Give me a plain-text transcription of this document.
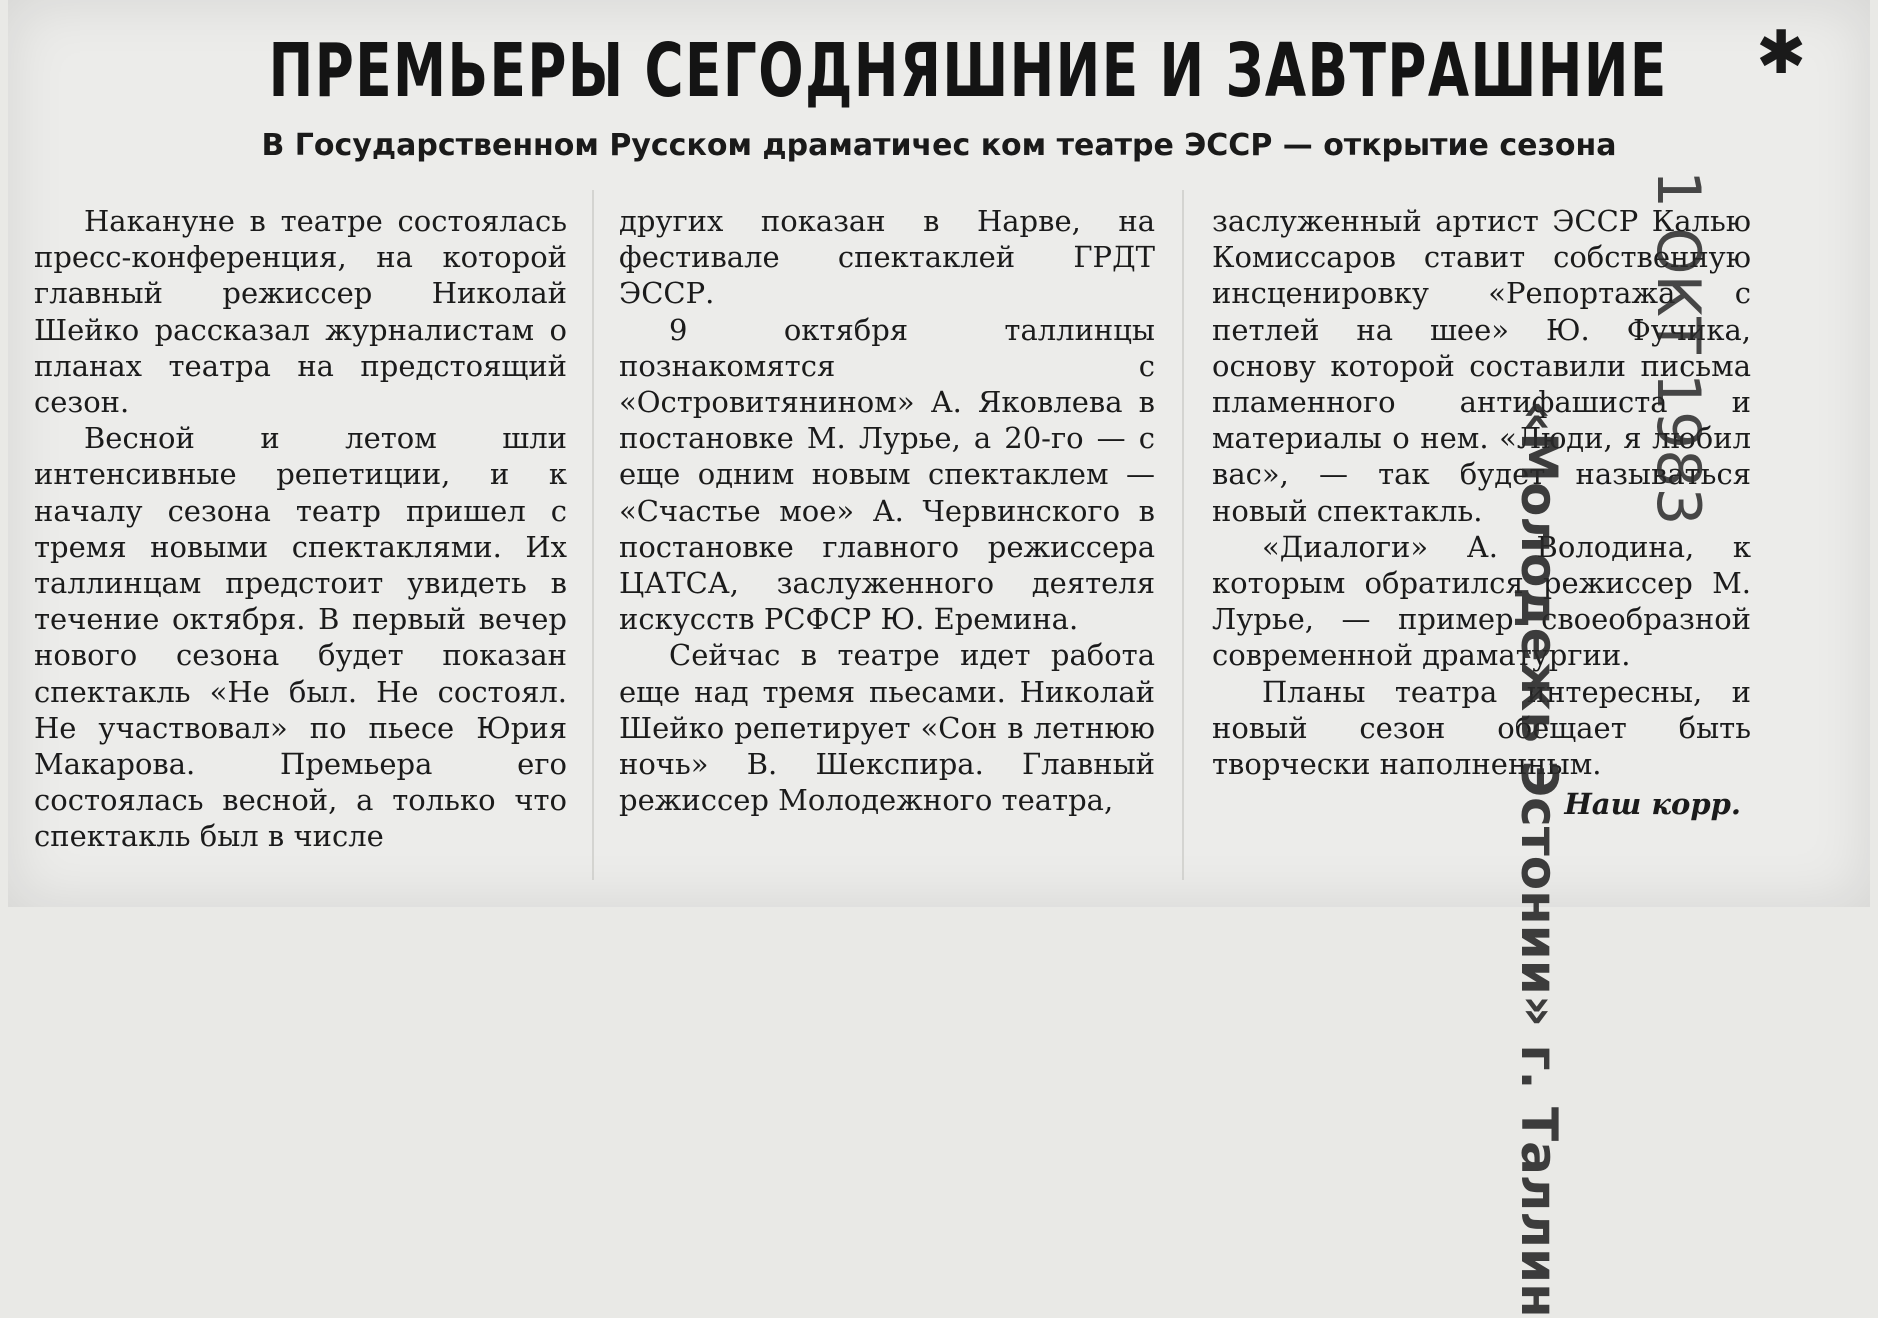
✱
ПРЕМЬЕРЫ СЕГОДНЯШНИЕ И ЗАВТРАШНИЕ
В Государственном Русском драматичес ком театре ЭССР — открытие сезона

Накануне в театре состоялась пресс-конференция, на которой главный режиссер Николай Шейко рассказал журналистам о планах театра на предстоящий сезон.

Весной и летом шли интенсивные репетиции, и к началу сезона театр пришел с тремя новыми спектаклями. Их таллинцам предстоит увидеть в течение октября. В первый вечер нового сезона будет показан спектакль «Не был. Не состоял. Не участвовал» по пьесе Юрия Макарова. Премьера его состоялась весной, а только что спектакль был в числе

других показан в Нарве, на фестивале спектаклей ГРДТ ЭССР.

9 октября таллинцы познакомятся с «Островитянином» А. Яковлева в постановке М. Лурье, а 20-го — с еще одним новым спектаклем — «Счастье мое» А. Червинского в постановке главного режиссера ЦАТСА, заслуженного деятеля искусств РСФСР Ю. Еремина.

Сейчас в театре идет работа еще над тремя пьесами. Николай Шейко репетирует «Сон в летнюю ночь» В. Шекспира. Главный режиссер Молодежного театра,

заслуженный артист ЭССР Калью Комиссаров ставит собственную инсценировку «Репортажа с петлей на шее» Ю. Фучика, основу которой составили письма пламенного антифашиста и материалы о нем. «Люди, я любил вас», — так будет называться новый спектакль.

«Диалоги» А. Володина, к которым обратился режиссер М. Лурье, — пример своеобразной современной драматургии.

Планы театра интересны, и новый сезон обещает быть творчески наполненным.

Наш корр.

1 ОКТ 1983
«Молодежь Эстонии» г. Таллин
